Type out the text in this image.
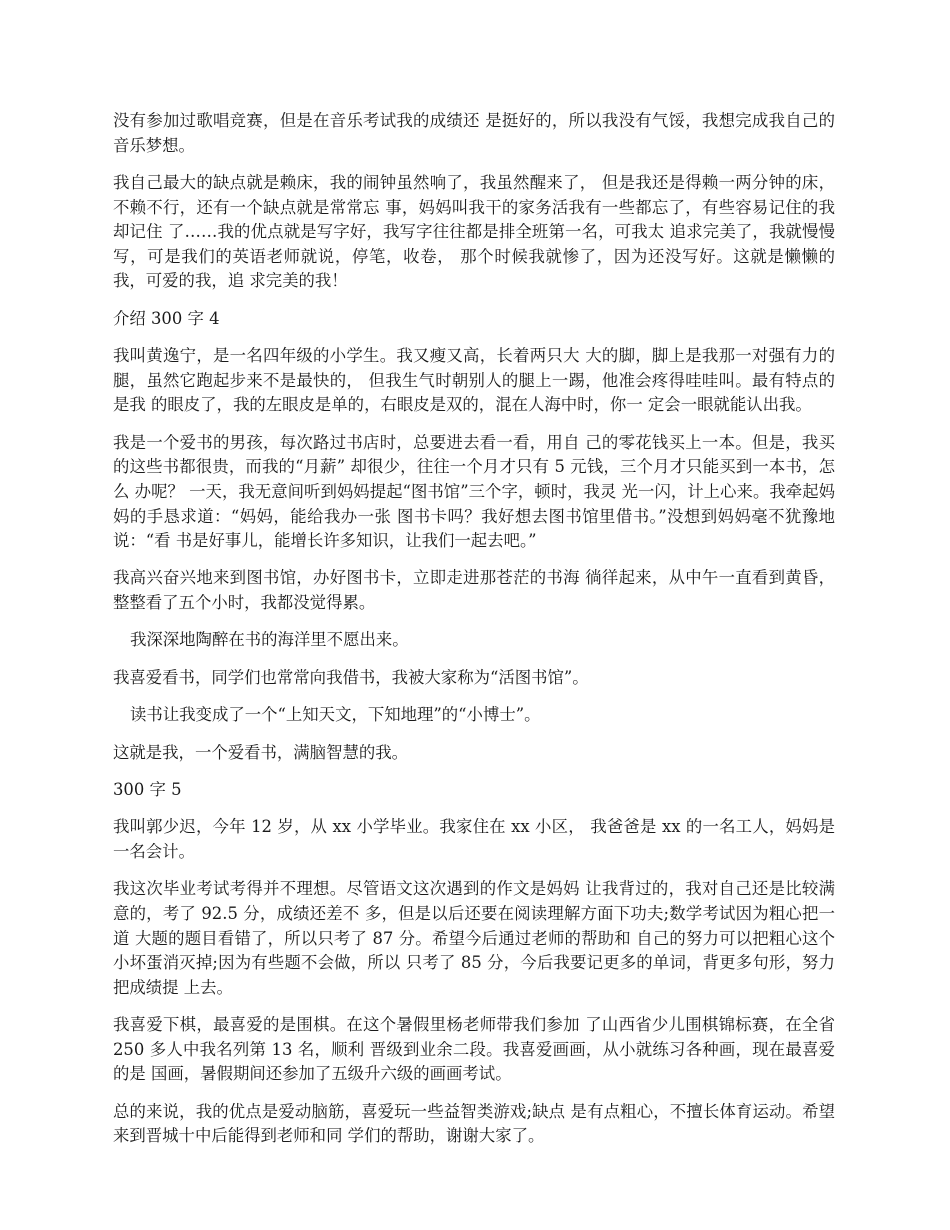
没有参加过歌唱竞赛，但是在音乐考试我的成绩还 是挺好的，所以我没有气馁，我想完成我自己的音乐梦想。

我自己最大的缺点就是赖床，我的闹钟虽然响了，我虽然醒来了， 但是我还是得赖一两分钟的床，不赖不行，还有一个缺点就是常常忘 事，妈妈叫我干的家务活我有一些都忘了，有些容易记住的我却记住 了……我的优点就是写字好，我写字往往都是排全班第一名，可我太 追求完美了，我就慢慢写，可是我们的英语老师就说，停笔，收卷， 那个时候我就惨了，因为还没写好。这就是懒懒的我，可爱的我，追 求完美的我！

介绍 300 字 4

我叫黄逸宁，是一名四年级的小学生。我又瘦又高，长着两只大 大的脚，脚上是我那一对强有力的腿，虽然它跑起步来不是最快的， 但我生气时朝别人的腿上一踢，他准会疼得哇哇叫。最有特点的是我 的眼皮了，我的左眼皮是单的，右眼皮是双的，混在人海中时，你一 定会一眼就能认出我。

我是一个爱书的男孩，每次路过书店时，总要进去看一看，用自 己的零花钱买上一本。但是，我买的这些书都很贵，而我的“月薪” 却很少，往往一个月才只有 5 元钱，三个月才只能买到一本书，怎么 办呢？ 一天，我无意间听到妈妈提起“图书馆”三个字，顿时，我灵 光一闪，计上心来。我牵起妈妈的手恳求道：“妈妈，能给我办一张 图书卡吗？我好想去图书馆里借书。”没想到妈妈毫不犹豫地说：“看 书是好事儿，能增长许多知识，让我们一起去吧。”

我高兴奋兴地来到图书馆，办好图书卡，立即走进那苍茫的书海 徜徉起来，从中午一直看到黄昏，整整看了五个小时，我都没觉得累。

我深深地陶醉在书的海洋里不愿出来。

我喜爱看书，同学们也常常向我借书，我被大家称为“活图书馆”。

读书让我变成了一个“上知天文，下知地理”的“小博士”。

这就是我，一个爱看书，满脑智慧的我。

300 字 5

我叫郭少迟，今年 12 岁，从 xx 小学毕业。我家住在 xx 小区， 我爸爸是 xx 的一名工人，妈妈是一名会计。

我这次毕业考试考得并不理想。尽管语文这次遇到的作文是妈妈 让我背过的，我对自己还是比较满意的，考了 92.5 分，成绩还差不 多，但是以后还要在阅读理解方面下功夫;数学考试因为粗心把一道 大题的题目看错了，所以只考了 87 分。希望今后通过老师的帮助和 自己的努力可以把粗心这个小坏蛋消灭掉;因为有些题不会做，所以 只考了 85 分，今后我要记更多的单词，背更多句形，努力把成绩提 上去。

我喜爱下棋，最喜爱的是围棋。在这个暑假里杨老师带我们参加 了山西省少儿围棋锦标赛，在全省 250 多人中我名列第 13 名，顺利 晋级到业余二段。我喜爱画画，从小就练习各种画，现在最喜爱的是 国画，暑假期间还参加了五级升六级的画画考试。

总的来说，我的优点是爱动脑筋，喜爱玩一些益智类游戏;缺点 是有点粗心，不擅长体育运动。希望来到晋城十中后能得到老师和同 学们的帮助，谢谢大家了。
